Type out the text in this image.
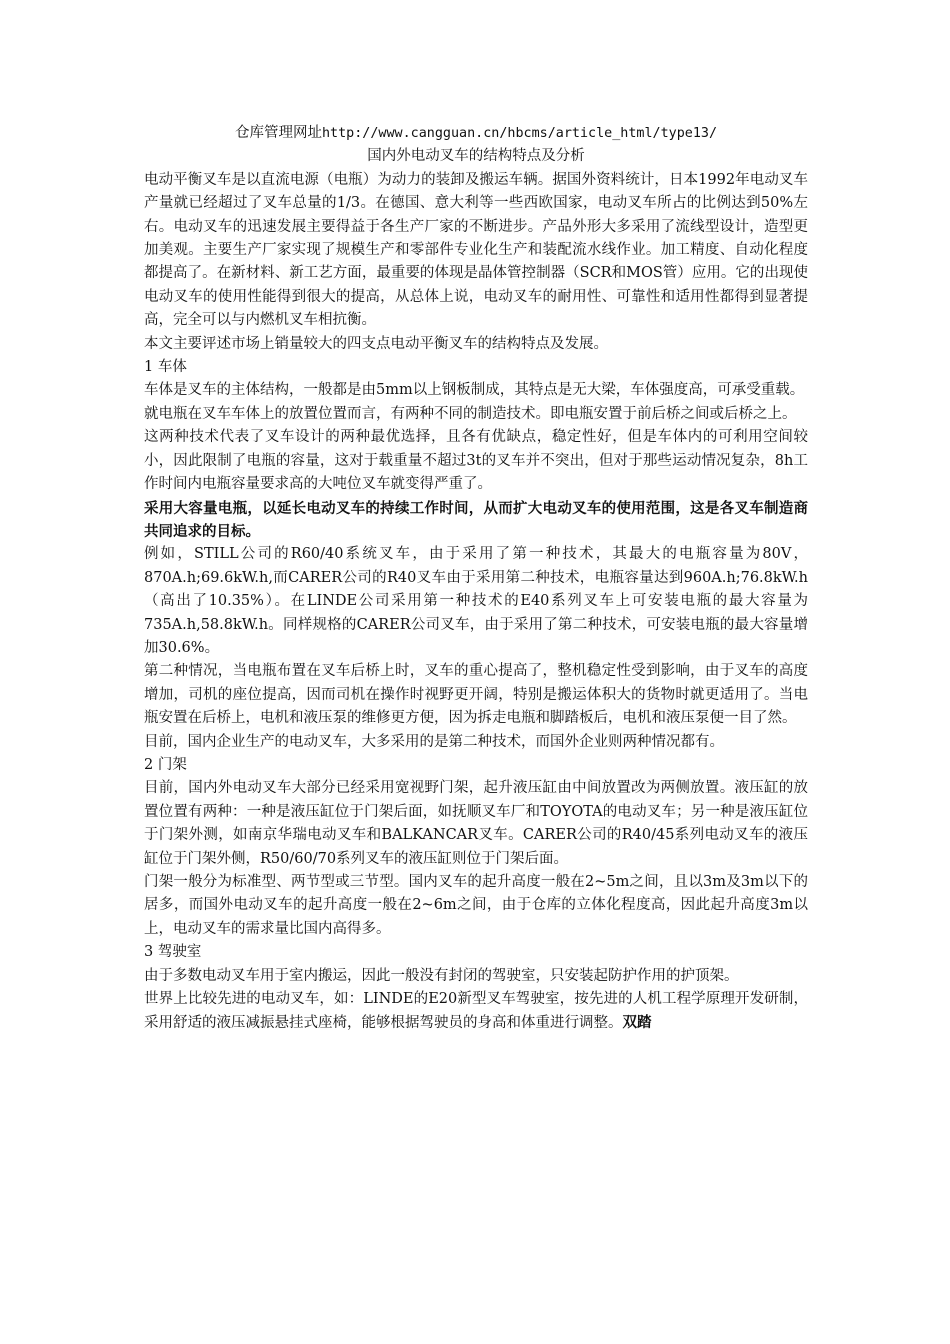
仓库管理网址http://www.cangguan.cn/hbcms/article_html/type13/
国内外电动叉车的结构特点及分析

电动平衡叉车是以直流电源（电瓶）为动力的装卸及搬运车辆。据国外资料统计，日本1992年电动叉车产量就已经超过了叉车总量的1/3。在德国、意大利等一些西欧国家，电动叉车所占的比例达到50%左右。电动叉车的迅速发展主要得益于各生产厂家的不断进步。产品外形大多采用了流线型设计，造型更加美观。主要生产厂家实现了规模生产和零部件专业化生产和装配流水线作业。加工精度、自动化程度都提高了。在新材料、新工艺方面，最重要的体现是晶体管控制器（SCR和MOS管）应用。它的出现使电动叉车的使用性能得到很大的提高，从总体上说，电动叉车的耐用性、可靠性和适用性都得到显著提高，完全可以与内燃机叉车相抗衡。

本文主要评述市场上销量较大的四支点电动平衡叉车的结构特点及发展。

1 车体

车体是叉车的主体结构，一般都是由5mm以上钢板制成，其特点是无大梁，车体强度高，可承受重载。

就电瓶在叉车车体上的放置位置而言，有两种不同的制造技术。即电瓶安置于前后桥之间或后桥之上。

这两种技术代表了叉车设计的两种最优选择，且各有优缺点，稳定性好，但是车体内的可利用空间较小，因此限制了电瓶的容量，这对于载重量不超过3t的叉车并不突出，但对于那些运动情况复杂，8h工作时间内电瓶容量要求高的大吨位叉车就变得严重了。

采用大容量电瓶，以延长电动叉车的持续工作时间，从而扩大电动叉车的使用范围，这是各叉车制造商共同追求的目标。

例如，STILL公司的R60/40系统叉车，由于采用了第一种技术，其最大的电瓶容量为80V，870A.h;69.6kW.h,而CARER公司的R40叉车由于采用第二种技术，电瓶容量达到960A.h;76.8kW.h（高出了10.35%）。在LINDE公司采用第一种技术的E40系列叉车上可安装电瓶的最大容量为735A.h,58.8kW.h。同样规格的CARER公司叉车，由于采用了第二种技术，可安装电瓶的最大容量增加30.6%。

第二种情况，当电瓶布置在叉车后桥上时，叉车的重心提高了，整机稳定性受到影响，由于叉车的高度增加，司机的座位提高，因而司机在操作时视野更开阔，特别是搬运体积大的货物时就更适用了。当电瓶安置在后桥上，电机和液压泵的维修更方便，因为拆走电瓶和脚踏板后，电机和液压泵便一目了然。

目前，国内企业生产的电动叉车，大多采用的是第二种技术，而国外企业则两种情况都有。

2 门架

目前，国内外电动叉车大部分已经采用宽视野门架，起升液压缸由中间放置改为两侧放置。液压缸的放置位置有两种：一种是液压缸位于门架后面，如抚顺叉车厂和TOYOTA的电动叉车；另一种是液压缸位于门架外测，如南京华瑞电动叉车和BALKANCAR叉车。CARER公司的R40/45系列电动叉车的液压缸位于门架外侧，R50/60/70系列叉车的液压缸则位于门架后面。

门架一般分为标准型、两节型或三节型。国内叉车的起升高度一般在2~5m之间，且以3m及3m以下的居多，而国外电动叉车的起升高度一般在2~6m之间，由于仓库的立体化程度高，因此起升高度3m以上，电动叉车的需求量比国内高得多。

3 驾驶室

由于多数电动叉车用于室内搬运，因此一般没有封闭的驾驶室，只安装起防护作用的护顶架。

世界上比较先进的电动叉车，如：LINDE的E20新型叉车驾驶室，按先进的人机工程学原理开发研制，采用舒适的液压减振悬挂式座椅，能够根据驾驶员的身高和体重进行调整。双踏
